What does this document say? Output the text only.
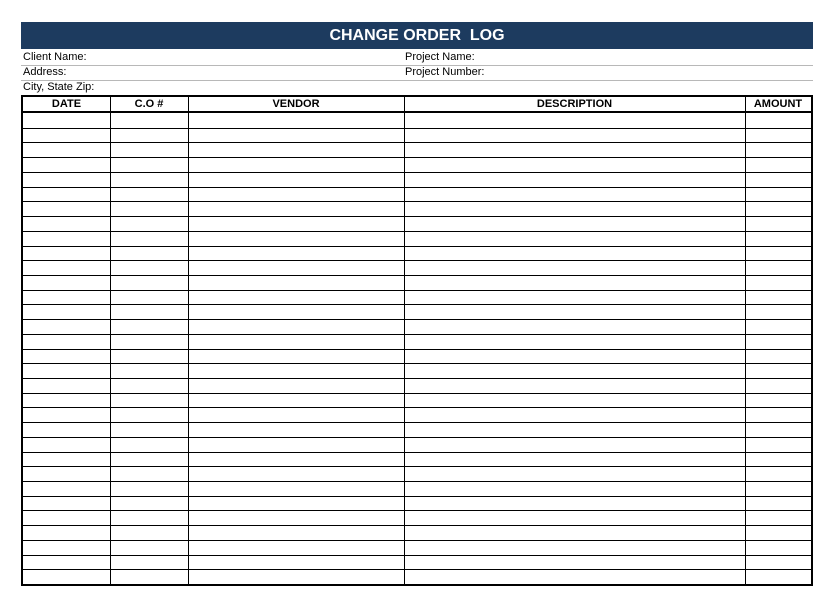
CHANGE ORDER  LOG
Client Name:	Project Name:
Address:	Project Number:
City, State Zip:
DATE	C.O #	VENDOR	DESCRIPTION	AMOUNT
